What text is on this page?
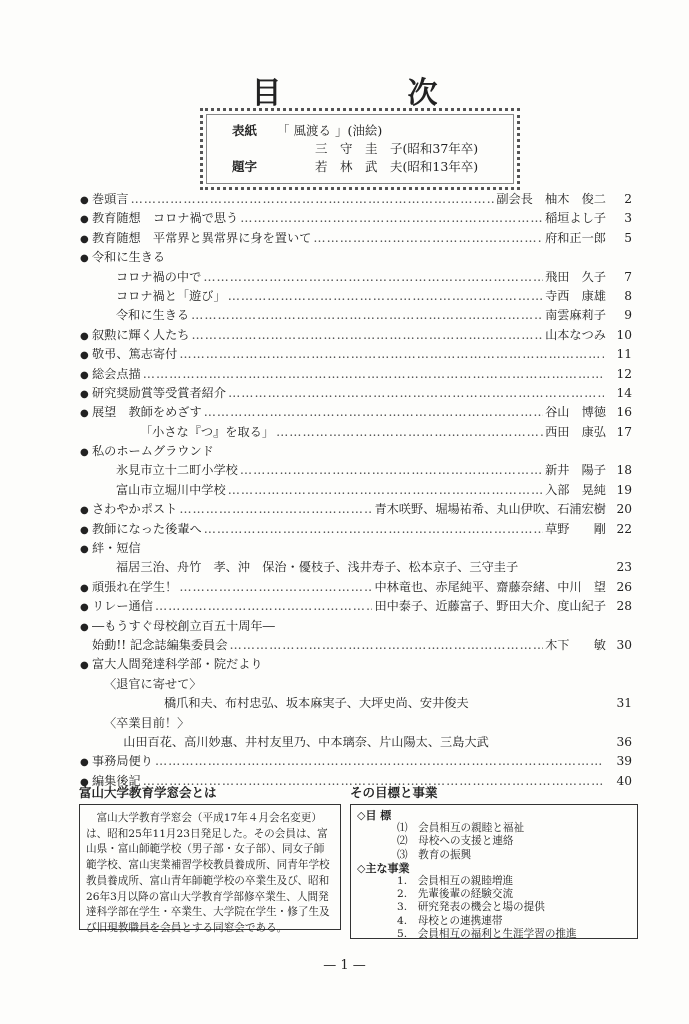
目　次
表紙 「 風渡る 」(油絵)
三　守　圭　子(昭和37年卒)
題字	若　林　武　夫(昭和13年卒)
● 巻頭言 ……………………………………………………………………………………………………………………………………………………………………	副会長　柚木　俊二	2
● 教育随想　コロナ禍で思う ……………………………………………………………………………………………………………………………………………………………………	稲垣よし子	3
● 教育随想　平常界と異常界に身を置いて ……………………………………………………………………………………………………………………………………………………………………	府和正一郎	5
● 令和に生きる
コロナ禍の中で ……………………………………………………………………………………………………………………………………………………………………	飛田　久子	7
コロナ禍と「遊び」 ……………………………………………………………………………………………………………………………………………………………………	寺西　康雄	8
令和に生きる ……………………………………………………………………………………………………………………………………………………………………	南雲麻莉子	9
● 叙勲に輝く人たち ……………………………………………………………………………………………………………………………………………………………………	山本なつみ 10
● 敬弔、篤志寄付 ……………………………………………………………………………………………………………………………………………………………………	11
● 総会点描 ……………………………………………………………………………………………………………………………………………………………………	12
● 研究奨励賞等受賞者紹介 ……………………………………………………………………………………………………………………………………………………………………	14
● 展望　教師をめざす ……………………………………………………………………………………………………………………………………………………………………	谷山　博徳 16
「小さな『つ』を取る」 ……………………………………………………………………………………………………………………………………………………………………	西田　康弘 17
● 私のホームグラウンド
氷見市立十二町小学校 ……………………………………………………………………………………………………………………………………………………………………	新井　陽子 18
富山市立堀川中学校 ……………………………………………………………………………………………………………………………………………………………………	入部　晃純 19
● さわやかポスト ……………………………………………………………………………………………………………………………………………………………………	青木咲野、堀場祐希、丸山伊吹、石浦宏樹 20
● 教師になった後輩へ ……………………………………………………………………………………………………………………………………………………………………	草野　　剛 22
● 絆・短信
福居三治、舟竹　孝、沖　保治・優枝子、浅井寿子、松本京子、三守圭子	23
● 頑張れ在学生！ ……………………………………………………………………………………………………………………………………………………………………	中林竜也、赤尾純平、齋藤奈緒、中川　望 26
● リレー通信 ……………………………………………………………………………………………………………………………………………………………………	田中泰子、近藤富子、野田大介、度山紀子 28
● ―もうすぐ母校創立百五十周年―
始動!! 記念誌編集委員会 ……………………………………………………………………………………………………………………………………………………………………	木下　　敏 30
● 富大人間発達科学部・院だより
〈退官に寄せて〉
橋爪和夫、布村忠弘、坂本麻実子、大坪史尚、安井俊夫	31
〈卒業目前！〉
山田百花、高川妙惠、井村友里乃、中本璃奈、片山陽太、三島大武	36
● 事務局便り ……………………………………………………………………………………………………………………………………………………………………	39
● 編集後記 ……………………………………………………………………………………………………………………………………………………………………	40
富山大学教育学窓会とは
　富山大学教育学窓会（平成17年４月会名変更）は、昭和25年11月23日発足した。その会員は、富山県・富山師範学校（男子部・女子部）、同女子師範学校、富山実業補習学校教員養成所、同青年学校教員養成所、富山青年師範学校の卒業生及び、昭和26年3月以降の富山大学教育学部修卒業生、人間発達科学部在学生・卒業生、大学院在学生・修了生及び旧現教職員を会員とする同窓会である。
その目標と事業
◇目 標
⑴　会員相互の親睦と福祉
⑵　母校への支援と連絡
⑶　教育の振興
◇主な事業
1.　会員相互の親睦増進
2.　先輩後輩の経験交流
3.　研究発表の機会と場の提供
4.　母校との連携連帯
5.　会員相互の福利と生涯学習の推進
— 1 —
